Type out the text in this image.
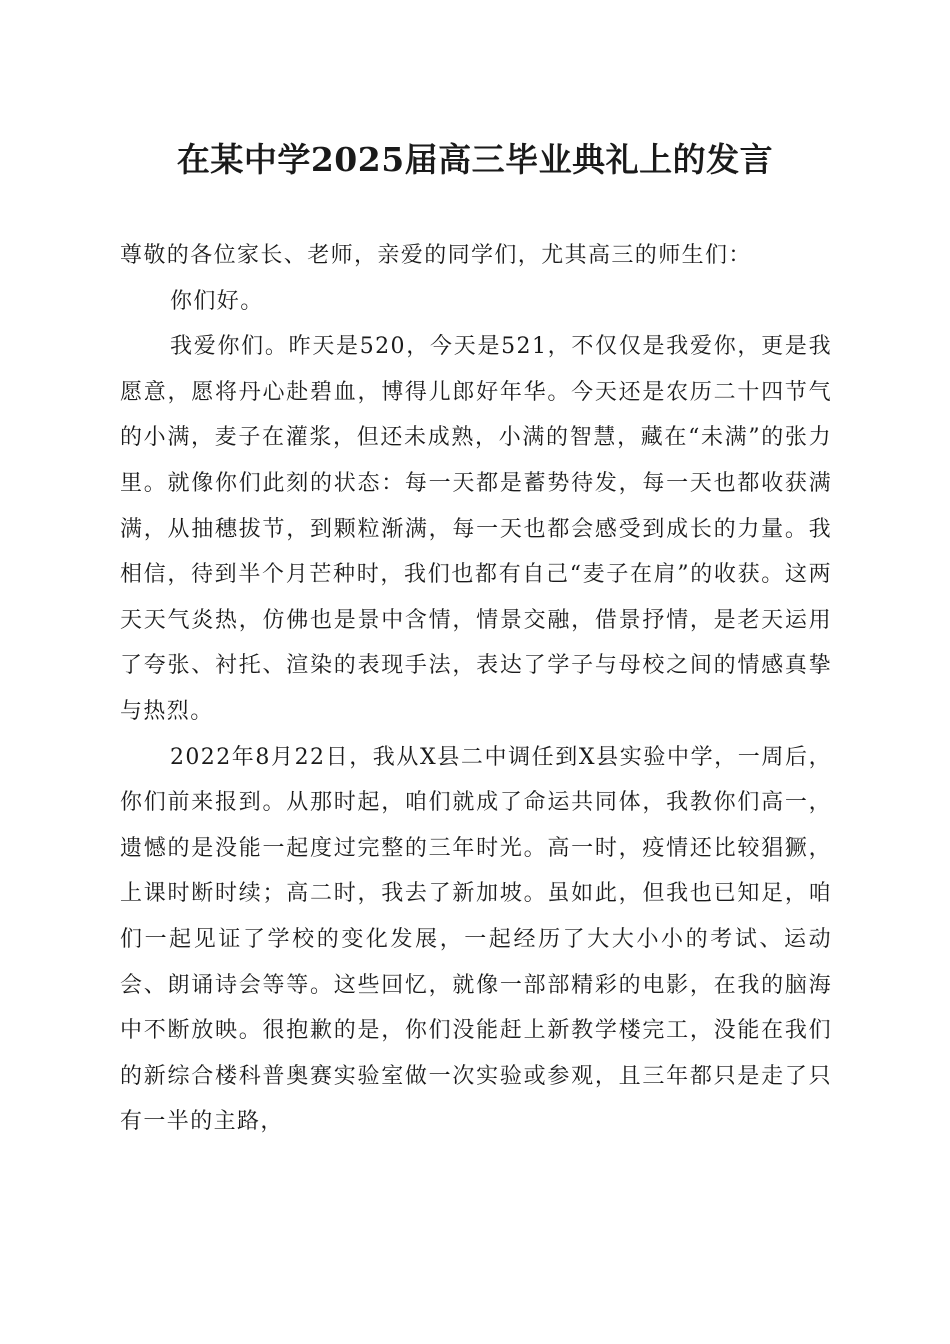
在某中学2025届高三毕业典礼上的发言

尊敬的各位家长、老师，亲爱的同学们，尤其高三的师生们：

你们好。

我爱你们。昨天是520，今天是521，不仅仅是我爱你，更是我愿意，愿将丹心赴碧血，博得儿郎好年华。今天还是农历二十四节气的小满，麦子在灌浆，但还未成熟，小满的智慧，藏在“未满”的张力里。就像你们此刻的状态：每一天都是蓄势待发，每一天也都收获满满，从抽穗拔节，到颗粒渐满，每一天也都会感受到成长的力量。我相信，待到半个月芒种时，我们也都有自己“麦子在肩”的收获。这两天天气炎热，仿佛也是景中含情，情景交融，借景抒情，是老天运用了夸张、衬托、渲染的表现手法，表达了学子与母校之间的情感真挚与热烈。

2022年8月22日，我从X县二中调任到X县实验中学，一周后，你们前来报到。从那时起，咱们就成了命运共同体，我教你们高一，遗憾的是没能一起度过完整的三年时光。高一时，疫情还比较猖獗，上课时断时续；高二时，我去了新加坡。虽如此，但我也已知足，咱们一起见证了学校的变化发展，一起经历了大大小小的考试、运动会、朗诵诗会等等。这些回忆，就像一部部精彩的电影，在我的脑海中不断放映。很抱歉的是，你们没能赶上新教学楼完工，没能在我们的新综合楼科普奥赛实验室做一次实验或参观，且三年都只是走了只有一半的主路，
